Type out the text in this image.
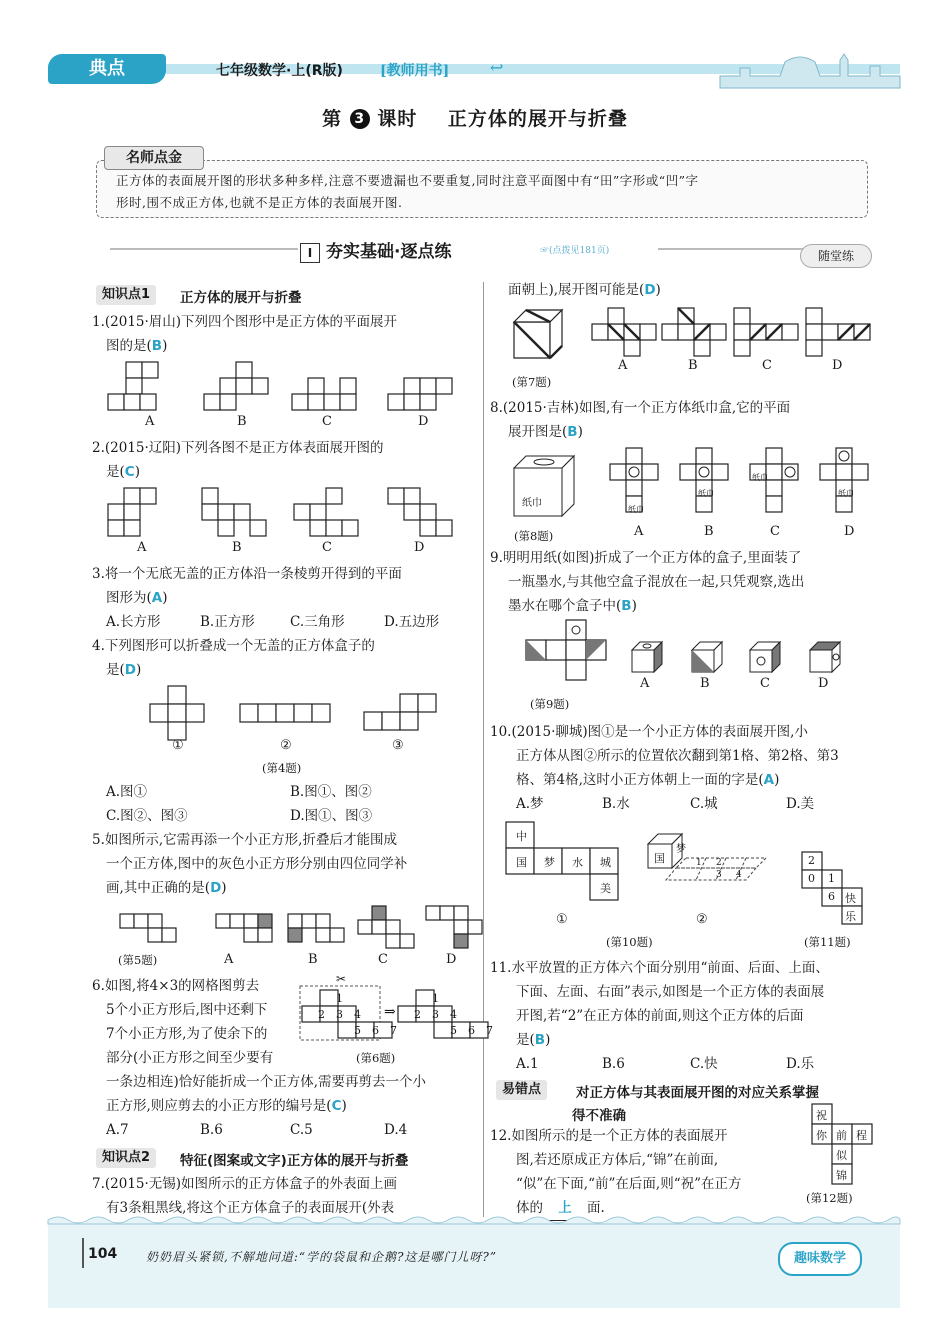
典点	七年级数学·上(R版)	[教师用书]	↩
第 3 课时 正方体的展开与折叠
名师点金
正方体的表面展开图的形状多种多样,注意不要遗漏也不要重复,同时注意平面图中有“田”字形或“凹”字
形时,围不成正方体,也就不是正方体的表面展开图.
I 夯实基础·逐点练	☞(点拨见181页)	随堂练
知识点1	正方体的展开与折叠
1.(2015·眉山)下列四个图形中是正方体的平面展开
图的是(B)
A	B	C	D
2.(2015·辽阳)下列各图不是正方体表面展开图的
是(C)
A	B	C	D
3.将一个无底无盖的正方体沿一条棱剪开得到的平面
图形为(A)
A.长方形	B.正方形	C.三角形	D.五边形
4.下列图形可以折叠成一个无盖的正方体盒子的
是(D)
①	②	③
(第4题)
A.图①	B.图①、图②
C.图②、图③	D.图①、图③
5.如图所示,它需再添一个小正方形,折叠后才能围成
一个正方体,图中的灰色小正方形分别由四位同学补
画,其中正确的是(D)
(第5题)	A	B	C	D
6.如图,将4×3的网格图剪去
5个小正方形后,图中还剩下
7个小正方形,为了使余下的
部分(小正方形之间至少要有
1
2 3 4
5 6 7
1
2 3 4
5 6 7
⇒
✂
(第6题)
一条边相连)恰好能折成一个正方体,需要再剪去一个小
正方形,则应剪去的小正方形的编号是(C)
A.7	B.6	C.5	D.4
知识点2	特征(图案或文字)正方体的展开与折叠
7.(2015·无锡)如图所示的正方体盒子的外表面上画
有3条粗黑线,将这个正方体盒子的表面展开(外表
面朝上),展开图可能是(D)
A	B	C	D
(第7题)
8.(2015·吉林)如图,有一个正方体纸巾盒,它的平面
展开图是(B)
纸巾
纸巾
纸巾
纸巾
纸巾
(第8题)	A	B	C	D
9.明明用纸(如图)折成了一个正方体的盒子,里面装了
一瓶墨水,与其他空盒子混放在一起,只凭观察,选出
墨水在哪个盒子中(B)
(第9题)
A	B	C	D
10.(2015·聊城)图①是一个小正方体的表面展开图,小
正方体从图②所示的位置依次翻到第1格、第2格、第3
格、第4格,这时小正方体朝上一面的字是(A)
A.梦	B.水	C.城	D.美
中
国 梦 水 城
美
①
国
梦
1 2
3 4
②
(第10题)
2
0 1
6 快
乐
(第11题)
11.水平放置的正方体六个面分别用“前面、后面、上面、
下面、左面、右面”表示,如图是一个正方体的表面展
开图,若“2”在正方体的前面,则这个正方体的后面
是(B)
A.1	B.6	C.快	D.乐
易错点	对正方体与其表面展开图的对应关系掌握
得不准确
12.如图所示的是一个正方体的表面展开
图,若还原成正方体后,“锦”在前面,
“似”在下面,“前”在后面,则“祝”在正方
体的 上 面.
祝
你 前 程
似
锦
(第12题)
104 奶奶眉头紧锁,不解地问道:“学的袋鼠和企鹅?这是哪门儿呀?”	趣味数学
